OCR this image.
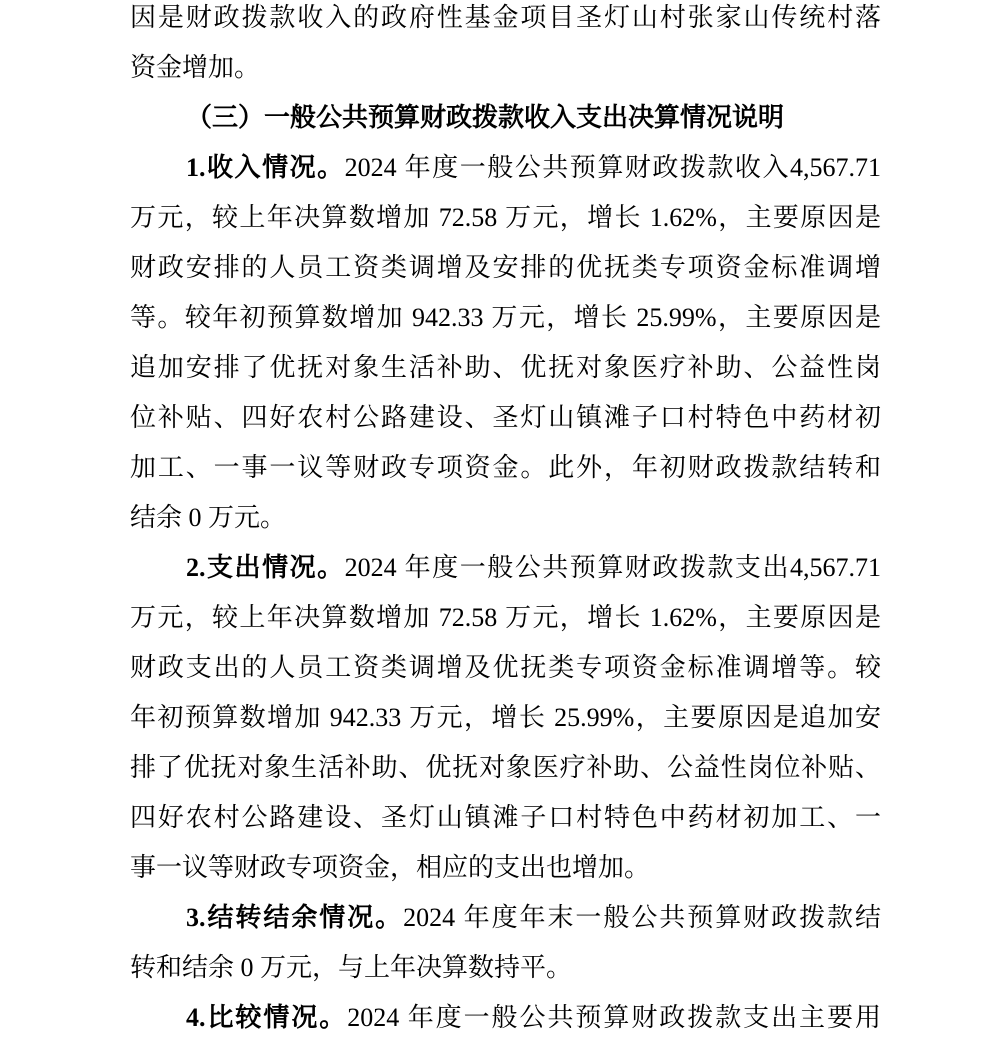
因是财政拨款收入的政府性基金项目圣灯山村张家山传统村落
资金增加。
（三）一般公共预算财政拨款收入支出决算情况说明
1.收入情况。2024 年度一般公共预算财政拨款收入4,567.71
万元，较上年决算数增加 72.58 万元，增长 1.62%，主要原因是
财政安排的人员工资类调增及安排的优抚类专项资金标准调增
等。较年初预算数增加 942.33 万元，增长 25.99%，主要原因是
追加安排了优抚对象生活补助、优抚对象医疗补助、公益性岗
位补贴、四好农村公路建设、圣灯山镇滩子口村特色中药材初
加工、一事一议等财政专项资金。此外，年初财政拨款结转和
结余 0 万元。
2.支出情况。2024 年度一般公共预算财政拨款支出4,567.71
万元，较上年决算数增加 72.58 万元，增长 1.62%，主要原因是
财政支出的人员工资类调增及优抚类专项资金标准调增等。较
年初预算数增加 942.33 万元，增长 25.99%，主要原因是追加安
排了优抚对象生活补助、优抚对象医疗补助、公益性岗位补贴、
四好农村公路建设、圣灯山镇滩子口村特色中药材初加工、一
事一议等财政专项资金，相应的支出也增加。
3.结转结余情况。2024 年度年末一般公共预算财政拨款结
转和结余 0 万元，与上年决算数持平。
4.比较情况。2024 年度一般公共预算财政拨款支出主要用
